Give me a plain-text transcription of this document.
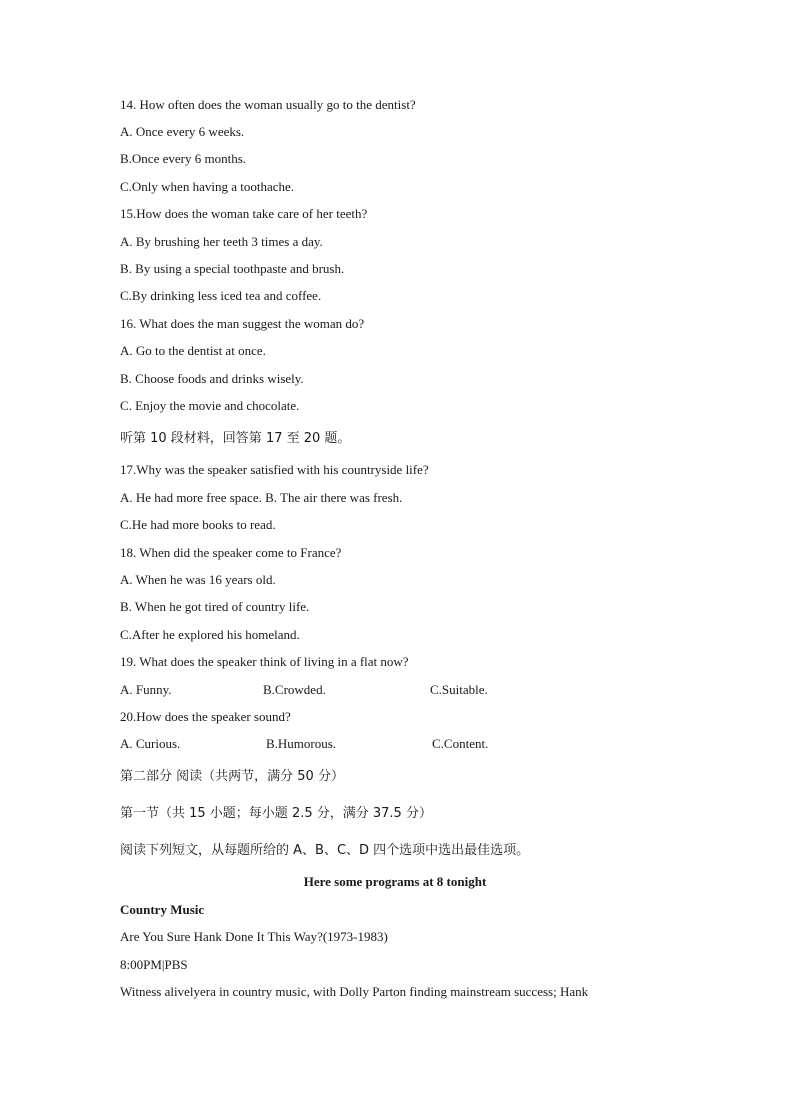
14. How often does the woman usually go to the dentist?
A. Once every 6 weeks.
B.Once every 6 months.
C.Only when having a toothache.
15.How does the woman take care of her teeth?
A. By brushing her teeth 3 times a day.
B. By using a special toothpaste and brush.
C.By drinking less iced tea and coffee.
16. What does the man suggest the woman do?
A. Go to the dentist at once.
B. Choose foods and drinks wisely.
C. Enjoy the movie and chocolate.
听第 10 段材料，回答第 17 至 20 题。
17.Why was the speaker satisfied with his countryside life?
A. He had more free space. B. The air there was fresh.
C.He had more books to read.
18. When did the speaker come to France?
A. When he was 16 years old.
B. When he got tired of country life.
C.After he explored his homeland.
19. What does the speaker think of living in a flat now?
A. Funny.	B.Crowded.	C.Suitable.
20.How does the speaker sound?
A. Curious.	B.Humorous.	C.Content.
第二部分 阅读（共两节，满分 50 分）
第一节（共 15 小题；每小题 2.5 分，满分 37.5 分）
阅读下列短文，从每题所给的 A、B、C、D 四个选项中选出最佳选项。
Here some programs at 8 tonight
Country Music
Are You Sure Hank Done It This Way?(1973-1983)
8:00PM|PBS
Witness alivelyera in country music, with Dolly Parton finding mainstream success; Hank
